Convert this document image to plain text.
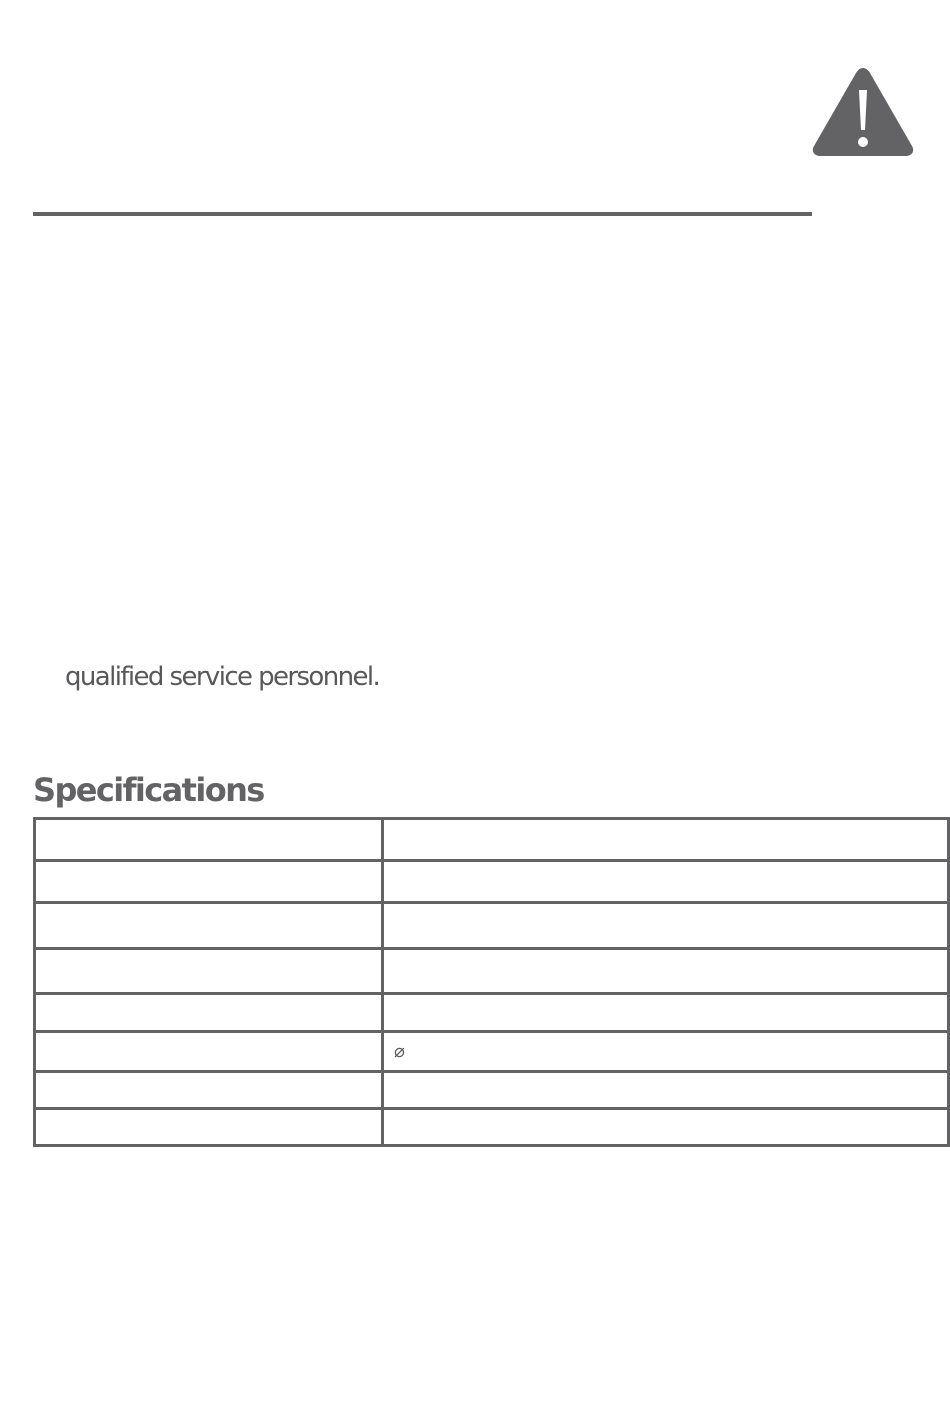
qualified service personnel.

Specifications

	⌀
